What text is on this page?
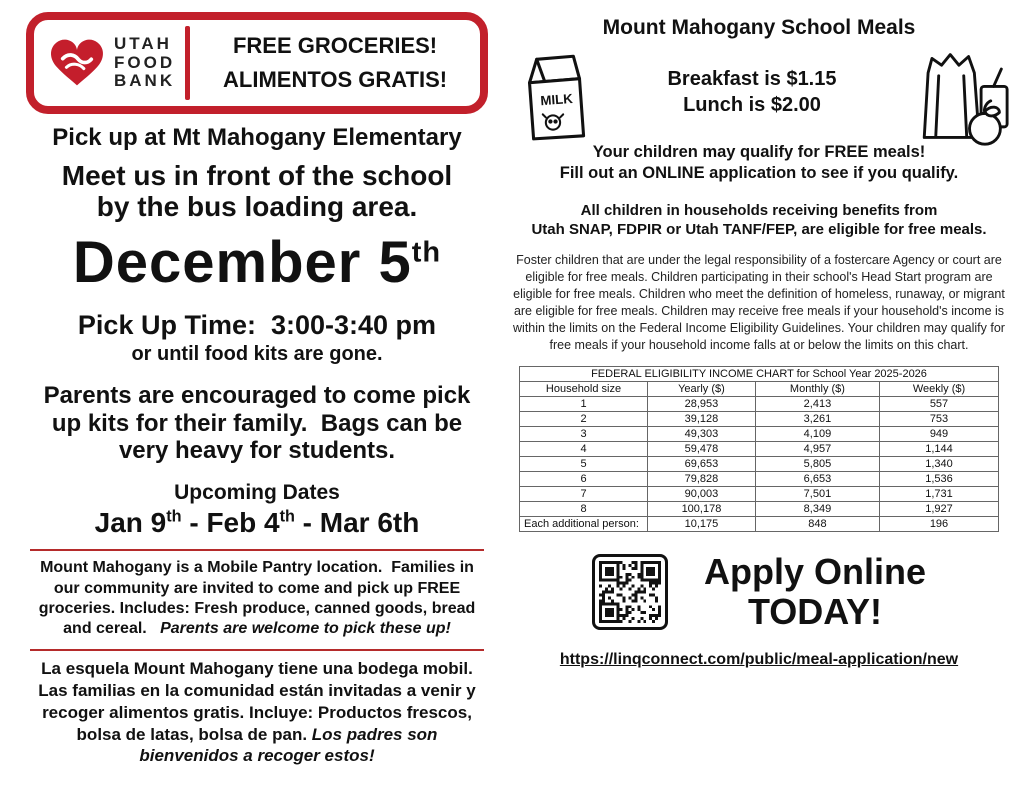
UTAH
FOOD
BANK
FREE GROCERIES!
ALIMENTOS GRATIS!
Pick up at Mt Mahogany Elementary
Meet us in front of the school
by the bus loading area.
December 5th
Pick Up Time:  3:00-3:40 pm
or until food kits are gone.
Parents are encouraged to come pick up kits for their family.  Bags can be very heavy for students.
Upcoming Dates
Jan 9th - Feb 4th - Mar 6th

Mount Mahogany is a Mobile Pantry location.  Families in our community are invited to come and pick up FREE groceries. Includes: Fresh produce, canned goods, bread and cereal.   Parents are welcome to pick these up!

La esquela Mount Mahogany tiene una bodega mobil. Las familias en la comunidad están invitadas a venir y recoger alimentos gratis. Incluye: Productos frescos, bolsa de latas, bolsa de pan. Los padres son bienvenidos a recoger estos!

Mount Mahogany School Meals
MILK
Breakfast is $1.15
Lunch is $2.00
Your children may qualify for FREE meals!
Fill out an ONLINE application to see if you qualify.
All children in households receiving benefits from
Utah SNAP, FDPIR or Utah TANF/FEP, are eligible for free meals.

Foster children that are under the legal responsibility of a fostercare Agency or court are eligible for free meals. Children participating in their school's Head Start program are eligible for free meals. Children who meet the definition of homeless, runaway, or migrant are eligible for free meals. Children may receive free meals if your household's income is within the limits on the Federal Income Eligibility Guidelines. Your children may qualify for free meals if your household income falls at or below the limits on this chart.

FEDERAL ELIGIBILITY INCOME CHART for School Year 2025-2026			
Household size	Yearly ($)	Monthly ($)	Weekly ($)
1	28,953	2,413	557
2	39,128	3,261	753
3	49,303	4,109	949
4	59,478	4,957	1,144
5	69,653	5,805	1,340
6	79,828	6,653	1,536
7	90,003	7,501	1,731
8	100,178	8,349	1,927
Each additional person:	10,175	848	196
Apply Online
TODAY!
https://linqconnect.com/public/meal-application/new
